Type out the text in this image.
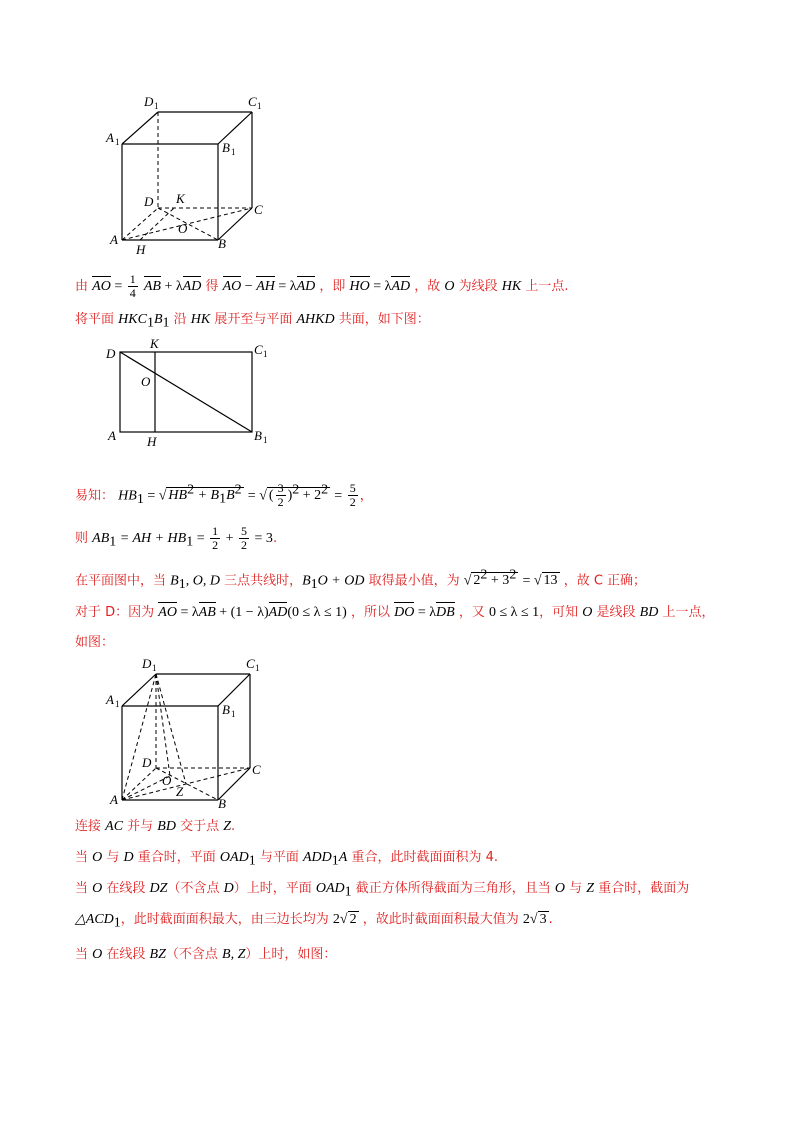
D 1	C 1
A 1	B 1
D K
C
A
O
H	B
由 AO = $\frac{1}{4}$ AB + λAD 得 AO − AH = λAD ，即 HO = λAD ，故 O 为线段 HK 上一点.
将平面 $HKC_1B_1$ 沿 HK 展开至与平面 AHKD 共面，如下图：
D
K	C 1
O
A H	B 1
易知： $HB_1$ = √ $HB^2 + B_1B^2$ = √ ( $\frac{3}{2} )^2 + 2^2 = \frac{5}{2}$ ，
则 $AB_1$ = AH + $HB_1 = \frac{1}{2} + \frac{5}{2} = 3$.
在平面图中，当 $B_1$, O, D 三点共线时，$B_1O$ + OD 取得最小值，为 √ $2^2 + 3^2$ = √ 13 ，故 C 正确；
对于 D：因为 AO = λAB + (1 − λ)AD(0 ≤ λ ≤ 1) ，所以 DO = λDB ，又 0 ≤ λ ≤ 1，可知 O 是线段 BD 上一点，
如图：
D 1	C 1
A 1	B 1
D	C
A
O
Z
B
连接 AC 并与 BD 交于点 Z.
当 O 与 D 重合时，平面 $OAD_1$ 与平面 $ADD_1A$ 重合，此时截面面积为 4.
当 O 在线段 DZ（不含点 D）上时，平面 $OAD_1$ 截正方体所得截面为三角形，且当 O 与 Z 重合时，截面为
$\triangle ACD_1$，此时截面面积最大，由三边长均为 2√ 2 ，故此时截面面积最大值为 2√ 3 .
当 O 在线段 BZ（不含点 B, Z）上时，如图：
